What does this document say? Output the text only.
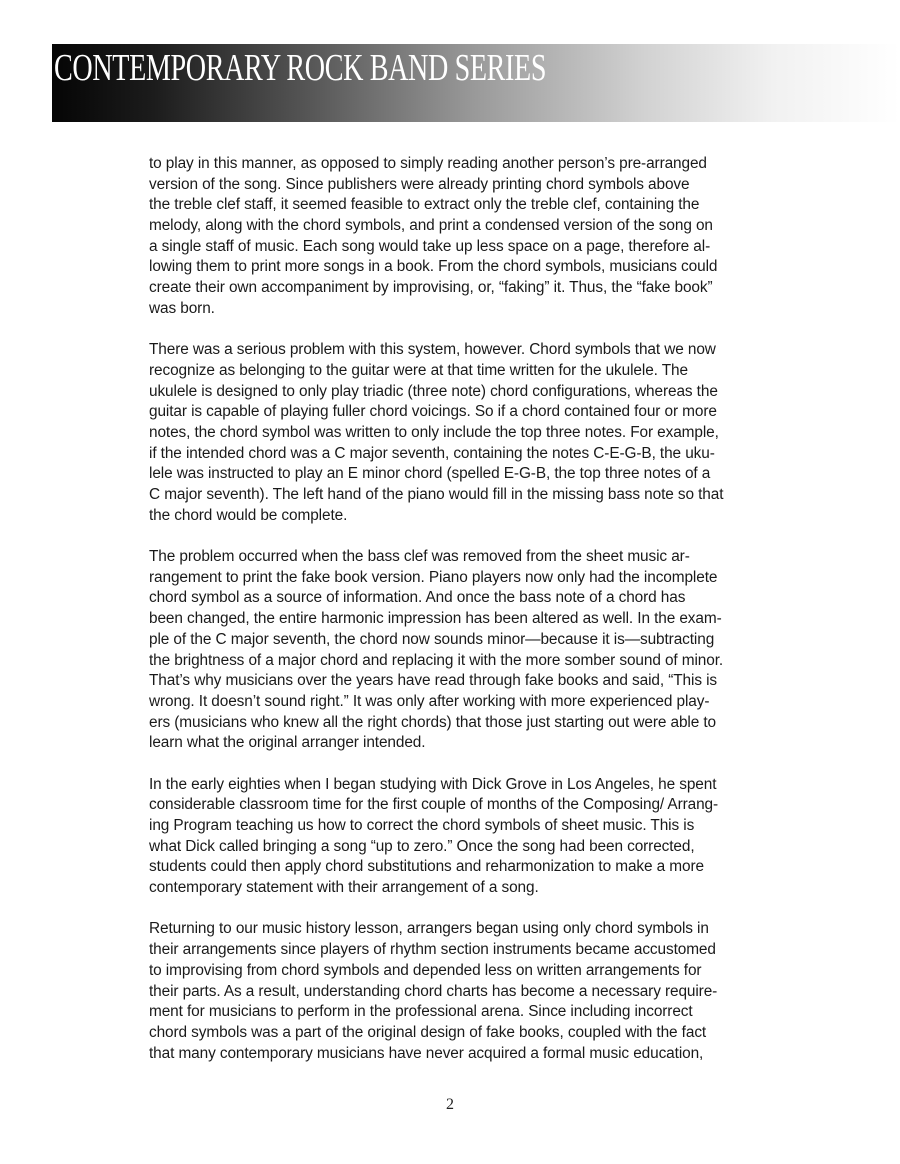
CONTEMPORARY ROCK BAND SERIES
to play in this manner, as opposed to simply reading another person’s pre-arranged
version of the song. Since publishers were already printing chord symbols above
the treble clef staff, it seemed feasible to extract only the treble clef, containing the
melody, along with the chord symbols, and print a condensed version of the song on
a single staff of music. Each song would take up less space on a page, therefore al-
lowing them to print more songs in a book. From the chord symbols, musicians could
create their own accompaniment by improvising, or, “faking” it. Thus, the “fake book”
was born.
There was a serious problem with this system, however. Chord symbols that we now
recognize as belonging to the guitar were at that time written for the ukulele. The
ukulele is designed to only play triadic (three note) chord configurations, whereas the
guitar is capable of playing fuller chord voicings. So if a chord contained four or more
notes, the chord symbol was written to only include the top three notes. For example,
if the intended chord was a C major seventh, containing the notes C-E-G-B, the uku-
lele was instructed to play an E minor chord (spelled E-G-B, the top three notes of a
C major seventh). The left hand of the piano would fill in the missing bass note so that
the chord would be complete.
The problem occurred when the bass clef was removed from the sheet music ar-
rangement to print the fake book version. Piano players now only had the incomplete
chord symbol as a source of information. And once the bass note of a chord has
been changed, the entire harmonic impression has been altered as well. In the exam-
ple of the C major seventh, the chord now sounds minor—because it is—subtracting
the brightness of a major chord and replacing it with the more somber sound of minor.
That’s why musicians over the years have read through fake books and said, “This is
wrong. It doesn’t sound right.” It was only after working with more experienced play-
ers (musicians who knew all the right chords) that those just starting out were able to
learn what the original arranger intended.
In the early eighties when I began studying with Dick Grove in Los Angeles, he spent
considerable classroom time for the first couple of months of the Composing/ Arrang-
ing Program teaching us how to correct the chord symbols of sheet music. This is
what Dick called bringing a song “up to zero.” Once the song had been corrected,
students could then apply chord substitutions and reharmonization to make a more
contemporary statement with their arrangement of a song.
Returning to our music history lesson, arrangers began using only chord symbols in
their arrangements since players of rhythm section instruments became accustomed
to improvising from chord symbols and depended less on written arrangements for
their parts. As a result, understanding chord charts has become a necessary require-
ment for musicians to perform in the professional arena. Since including incorrect
chord symbols was a part of the original design of fake books, coupled with the fact
that many contemporary musicians have never acquired a formal music education,
2
